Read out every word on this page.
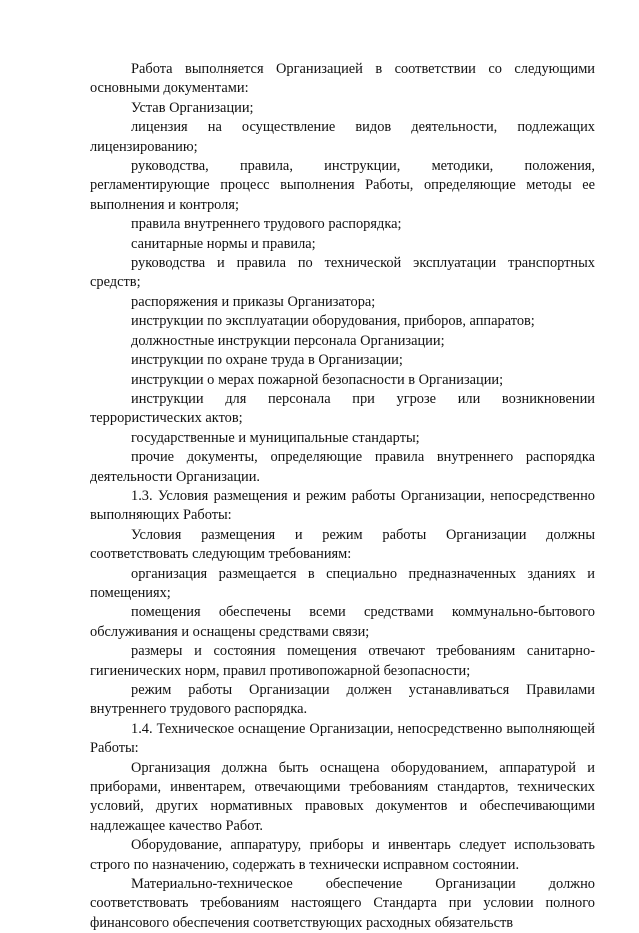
Работа выполняется Организацией в соответствии со следующими основными документами:

Устав Организации;

лицензия на осуществление видов деятельности, подлежащих лицензированию;

руководства, правила, инструкции, методики, положения, регламентирующие процесс выполнения Работы, определяющие методы ее выполнения и контроля;

правила внутреннего трудового распорядка;

санитарные нормы и правила;

руководства и правила по технической эксплуатации транспортных средств;

распоряжения и приказы Организатора;

инструкции по эксплуатации оборудования, приборов, аппаратов;

должностные инструкции персонала Организации;

инструкции по охране труда в Организации;

инструкции о мерах пожарной безопасности в Организации;

инструкции для персонала при угрозе или возникновении террористических актов;

государственные и муниципальные стандарты;

прочие документы, определяющие правила внутреннего распорядка деятельности Организации.

1.3. Условия размещения и режим работы Организации, непосредственно выполняющих Работы:

Условия размещения и режим работы Организации должны соответствовать следующим требованиям:

организация размещается в специально предназначенных зданиях и помещениях;

помещения обеспечены всеми средствами коммунально-бытового обслуживания и оснащены средствами связи;

размеры и состояния помещения отвечают требованиям санитарно-гигиенических норм, правил противопожарной безопасности;

режим работы Организации должен устанавливаться Правилами внутреннего трудового распорядка.

1.4. Техническое оснащение Организации, непосредственно выполняющей Работы:

Организация должна быть оснащена оборудованием, аппаратурой и приборами, инвентарем, отвечающими требованиям стандартов, технических условий, других нормативных правовых документов и обеспечивающими надлежащее качество Работ.

Оборудование, аппаратуру, приборы и инвентарь следует использовать строго по назначению, содержать в технически исправном состоянии.

Материально-техническое обеспечение Организации должно соответствовать требованиям настоящего Стандарта при условии полного финансового обеспечения соответствующих расходных обязательств
